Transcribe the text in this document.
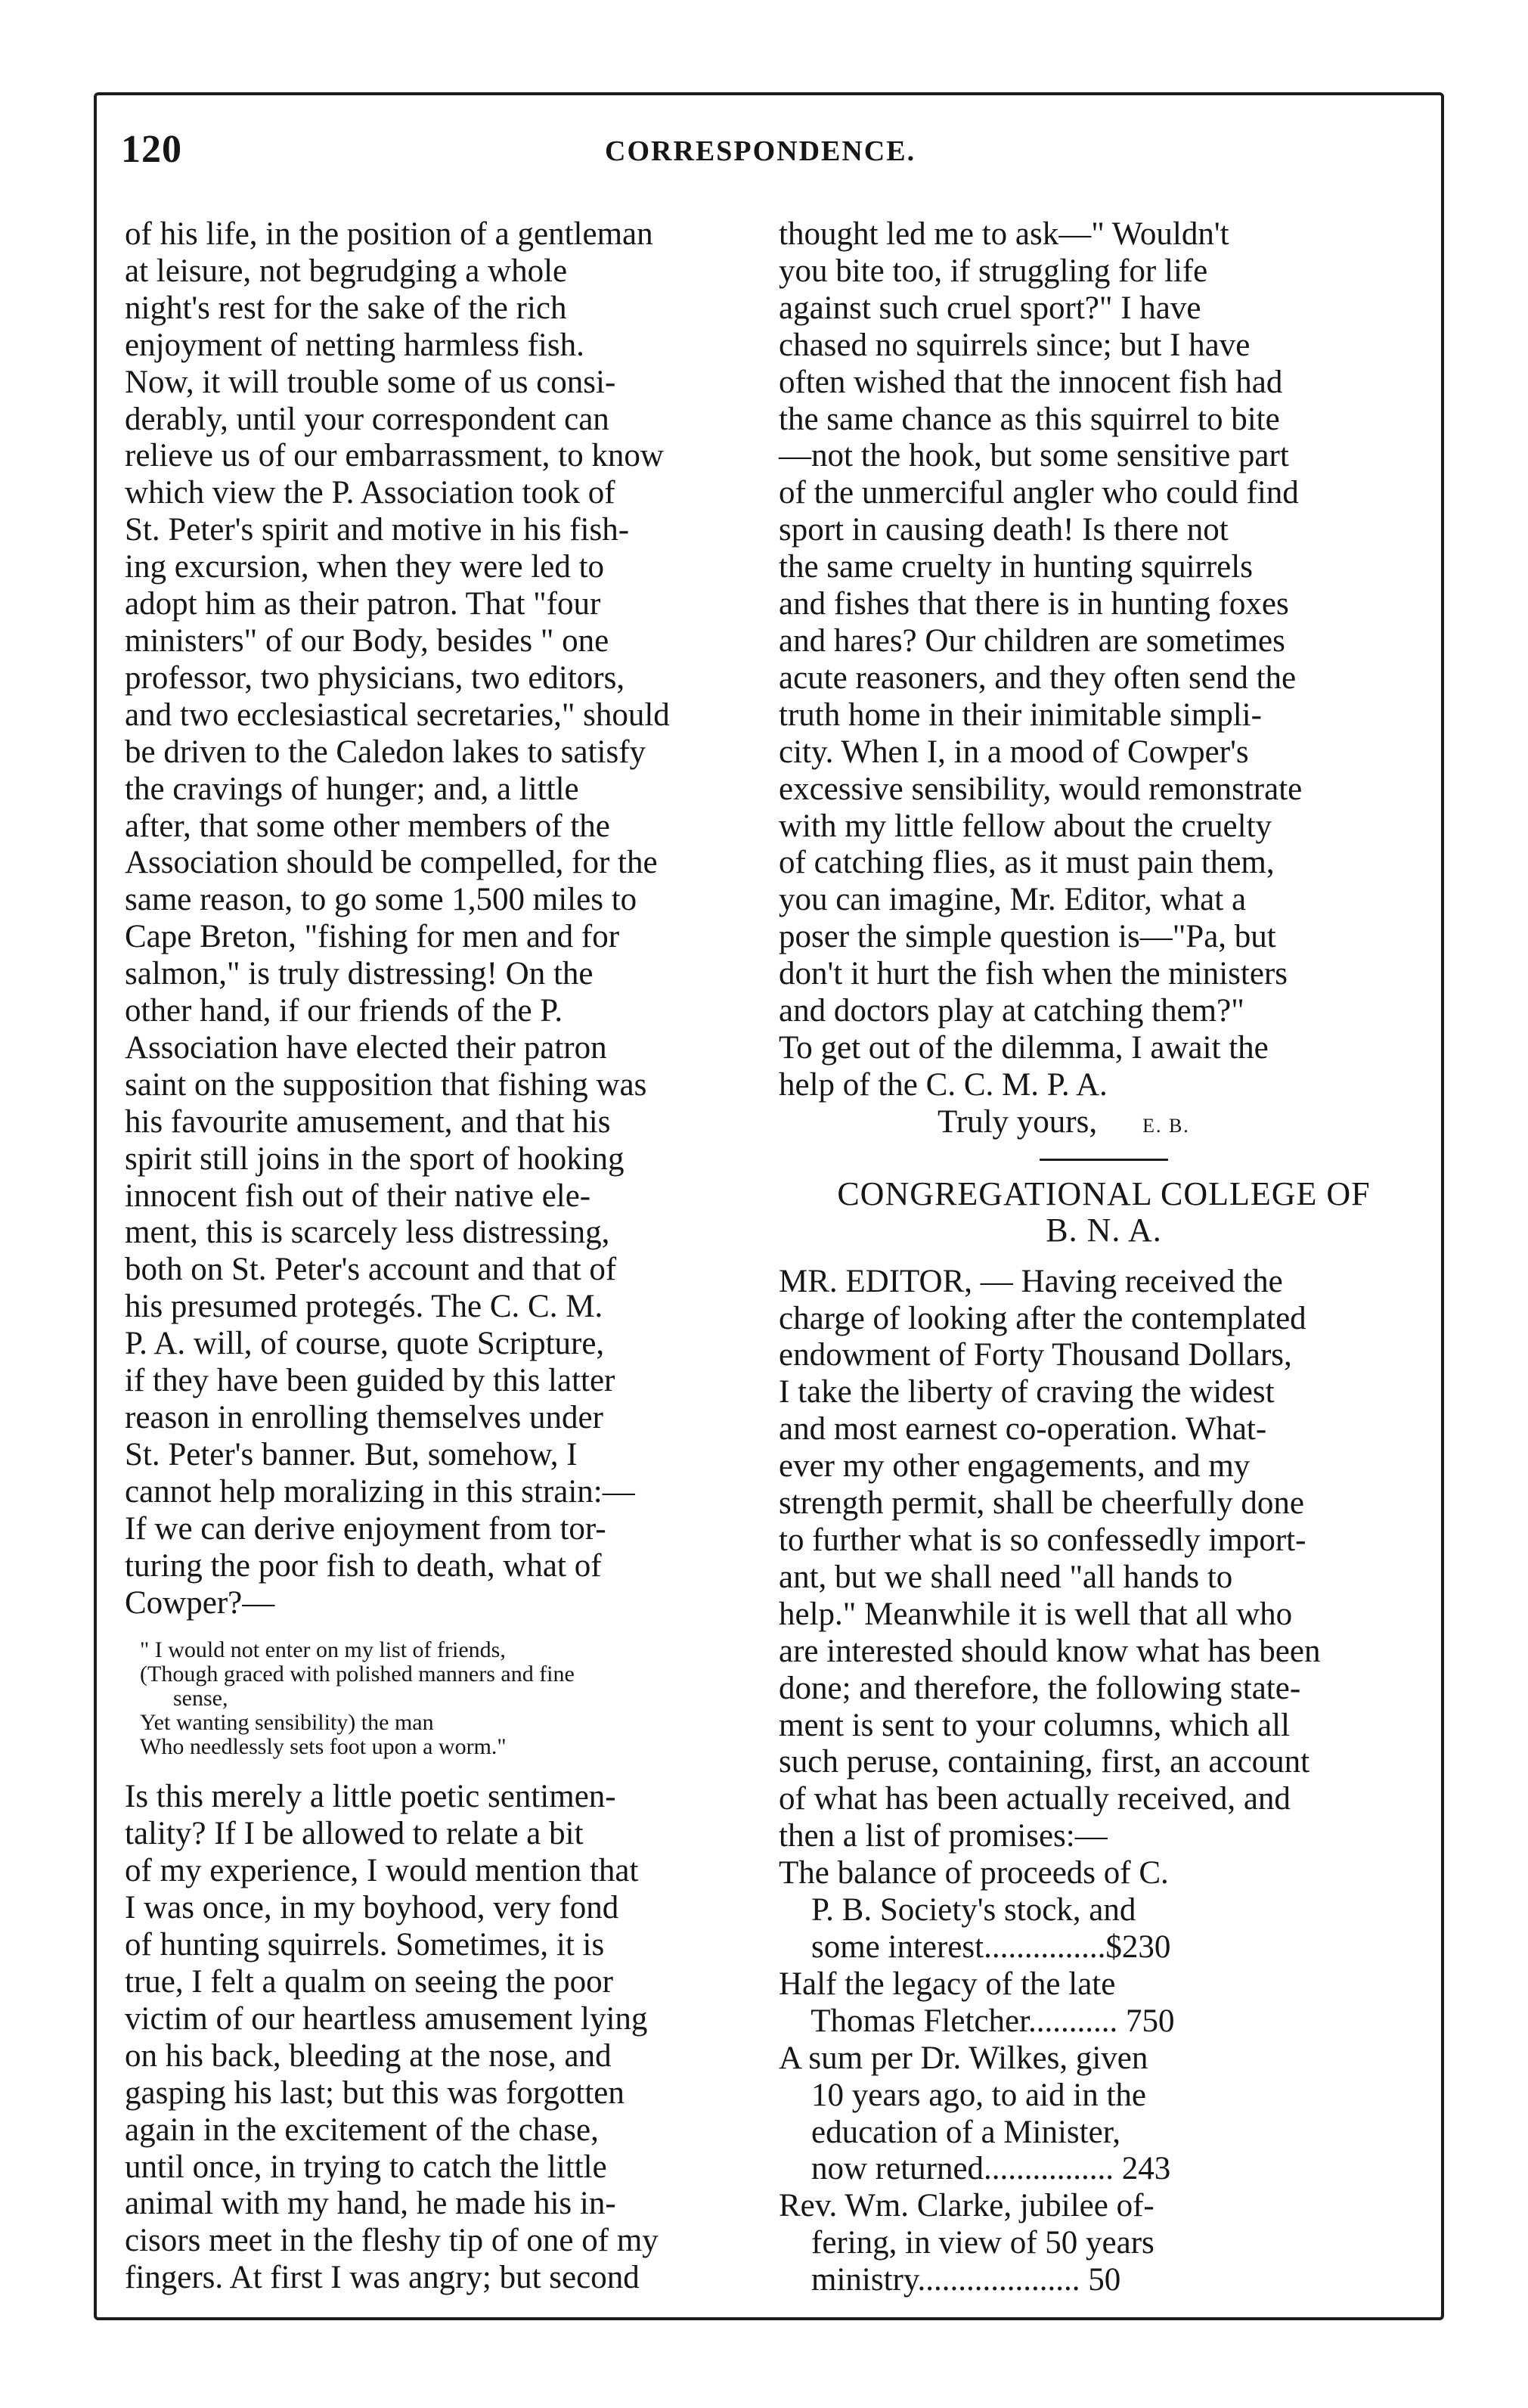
120	CORRESPONDENCE.
of his life, in the position of a gentleman
at leisure, not begrudging a whole
night's rest for the sake of the rich
enjoyment of netting harmless fish.
Now, it will trouble some of us consi-
derably, until your correspondent can
relieve us of our embarrassment, to know
which view the P. Association took of
St. Peter's spirit and motive in his fish-
ing excursion, when they were led to
adopt him as their patron. That "four
ministers" of our Body, besides " one
professor, two physicians, two editors,
and two ecclesiastical secretaries," should
be driven to the Caledon lakes to satisfy
the cravings of hunger; and, a little
after, that some other members of the
Association should be compelled, for the
same reason, to go some 1,500 miles to
Cape Breton, "fishing for men and for
salmon," is truly distressing! On the
other hand, if our friends of the P.
Association have elected their patron
saint on the supposition that fishing was
his favourite amusement, and that his
spirit still joins in the sport of hooking
innocent fish out of their native ele-
ment, this is scarcely less distressing,
both on St. Peter's account and that of
his presumed protegés. The C. C. M.
P. A. will, of course, quote Scripture,
if they have been guided by this latter
reason in enrolling themselves under
St. Peter's banner. But, somehow, I
cannot help moralizing in this strain:—
If we can derive enjoyment from tor-
turing the poor fish to death, what of
Cowper?—
" I would not enter on my list of friends,
(Though graced with polished manners and fine
sense,
Yet wanting sensibility) the man
Who needlessly sets foot upon a worm."
Is this merely a little poetic sentimen-
tality? If I be allowed to relate a bit
of my experience, I would mention that
I was once, in my boyhood, very fond
of hunting squirrels. Sometimes, it is
true, I felt a qualm on seeing the poor
victim of our heartless amusement lying
on his back, bleeding at the nose, and
gasping his last; but this was forgotten
again in the excitement of the chase,
until once, in trying to catch the little
animal with my hand, he made his in-
cisors meet in the fleshy tip of one of my
fingers. At first I was angry; but second
thought led me to ask—" Wouldn't
you bite too, if struggling for life
against such cruel sport?" I have
chased no squirrels since; but I have
often wished that the innocent fish had
the same chance as this squirrel to bite
—not the hook, but some sensitive part
of the unmerciful angler who could find
sport in causing death! Is there not
the same cruelty in hunting squirrels
and fishes that there is in hunting foxes
and hares? Our children are sometimes
acute reasoners, and they often send the
truth home in their inimitable simpli-
city. When I, in a mood of Cowper's
excessive sensibility, would remonstrate
with my little fellow about the cruelty
of catching flies, as it must pain them,
you can imagine, Mr. Editor, what a
poser the simple question is—"Pa, but
don't it hurt the fish when the ministers
and doctors play at catching them?"
To get out of the dilemma, I await the
help of the C. C. M. P. A.
Truly yours, E. B.
CONGREGATIONAL COLLEGE OF
B. N. A.
MR. EDITOR, — Having received the
charge of looking after the contemplated
endowment of Forty Thousand Dollars,
I take the liberty of craving the widest
and most earnest co-operation. What-
ever my other engagements, and my
strength permit, shall be cheerfully done
to further what is so confessedly import-
ant, but we shall need "all hands to
help." Meanwhile it is well that all who
are interested should know what has been
done; and therefore, the following state-
ment is sent to your columns, which all
such peruse, containing, first, an account
of what has been actually received, and
then a list of promises:—
The balance of proceeds of C.
P. B. Society's stock, and
some interest...............$230
Half the legacy of the late
Thomas Fletcher........... 750
A sum per Dr. Wilkes, given
10 years ago, to aid in the
education of a Minister,
now returned................ 243
Rev. Wm. Clarke, jubilee of-
fering, in view of 50 years
ministry.................... 50
